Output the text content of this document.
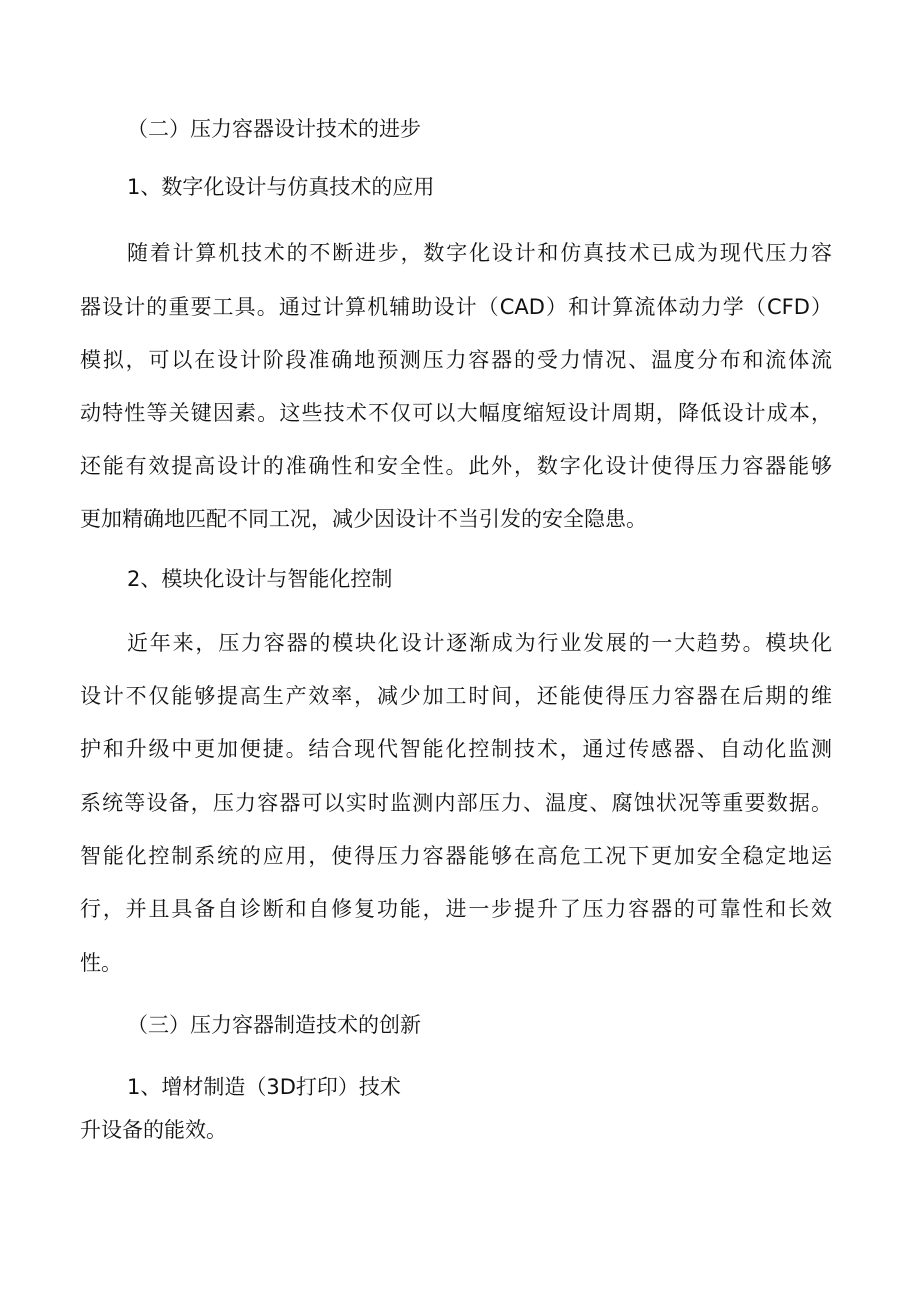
（二）压力容器设计技术的进步
1、数字化设计与仿真技术的应用
随着计算机技术的不断进步，数字化设计和仿真技术已成为现代压力容
器设计的重要工具。通过计算机辅助设计（CAD）和计算流体动力学（CFD）
模拟，可以在设计阶段准确地预测压力容器的受力情况、温度分布和流体流
动特性等关键因素。这些技术不仅可以大幅度缩短设计周期，降低设计成本，
还能有效提高设计的准确性和安全性。此外，数字化设计使得压力容器能够
更加精确地匹配不同工况，减少因设计不当引发的安全隐患。
2、模块化设计与智能化控制
近年来，压力容器的模块化设计逐渐成为行业发展的一大趋势。模块化
设计不仅能够提高生产效率，减少加工时间，还能使得压力容器在后期的维
护和升级中更加便捷。结合现代智能化控制技术，通过传感器、自动化监测
系统等设备，压力容器可以实时监测内部压力、温度、腐蚀状况等重要数据。
智能化控制系统的应用，使得压力容器能够在高危工况下更加安全稳定地运
行，并且具备自诊断和自修复功能，进一步提升了压力容器的可靠性和长效
性。
（三）压力容器制造技术的创新
1、增材制造（3D打印）技术
升设备的能效。
